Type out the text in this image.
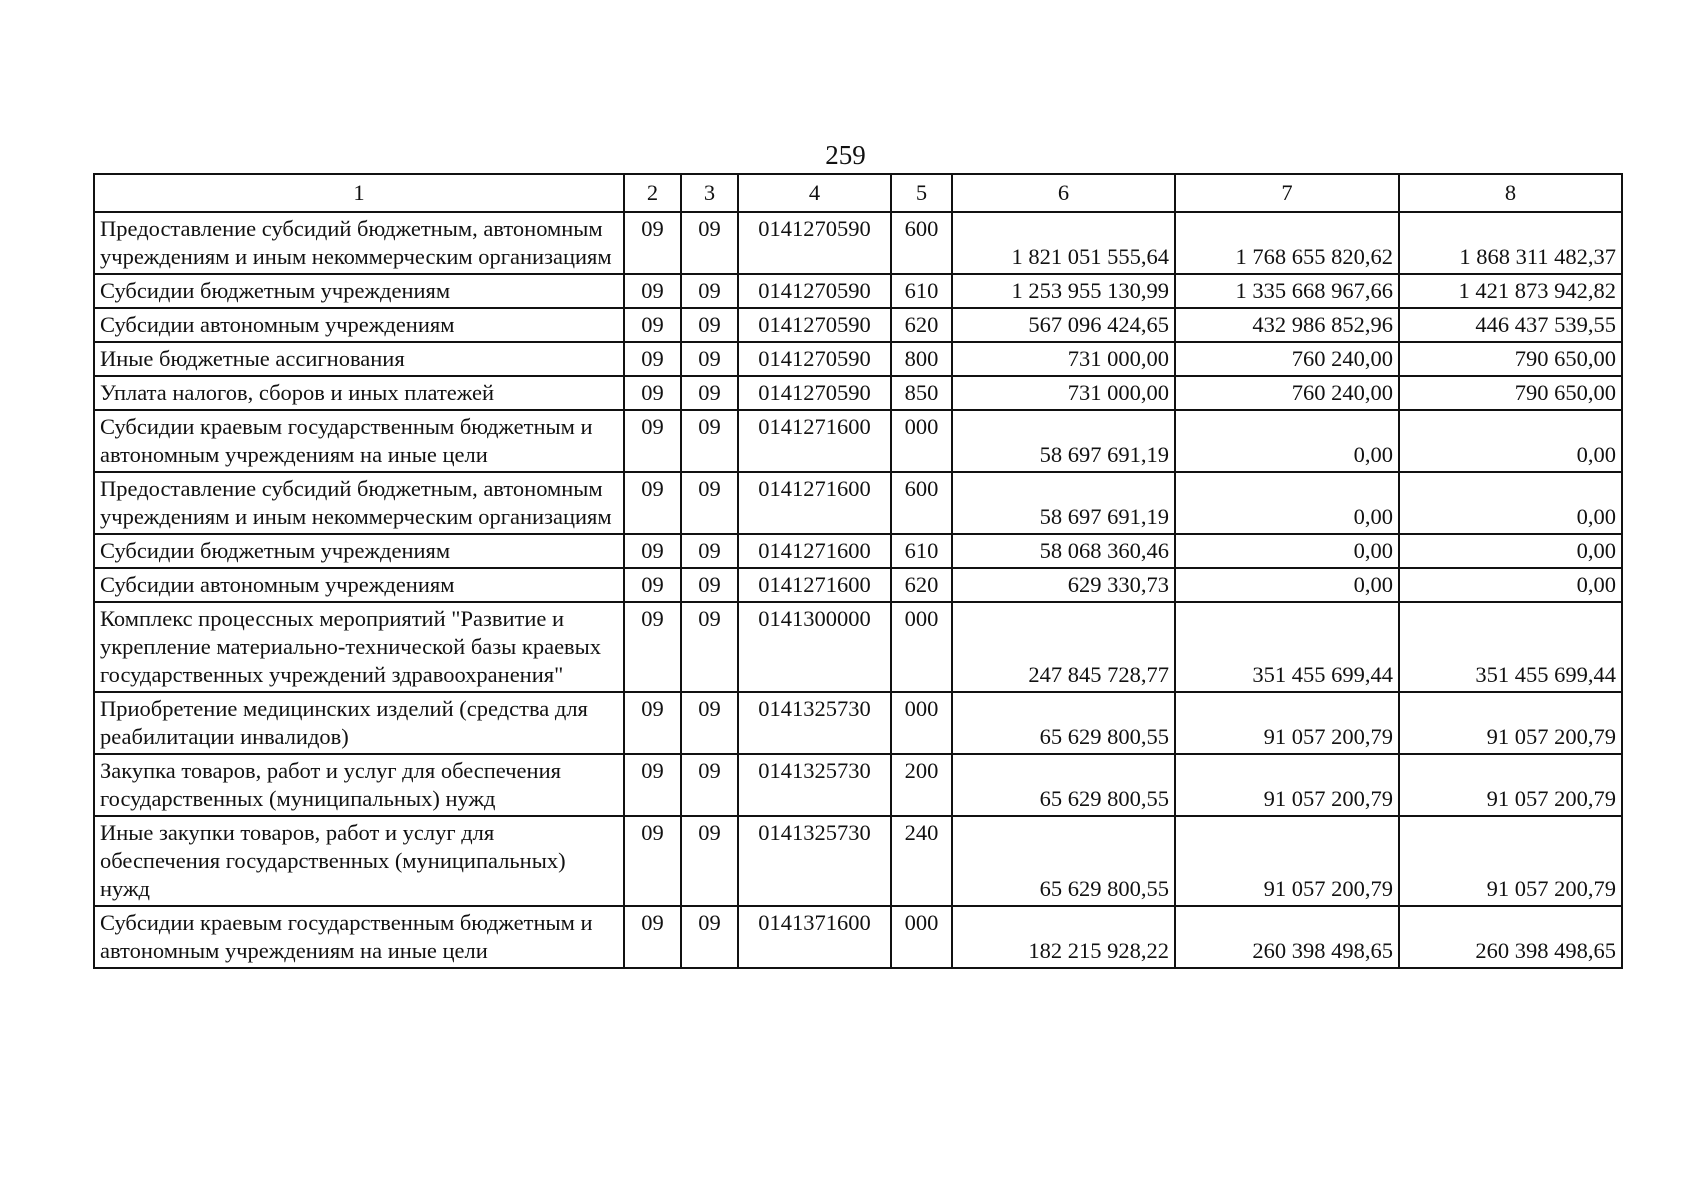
259
1	2	3	4	5	6	7	8
Предоставление субсидий бюджетным, автономным учреждениям и иным некоммерческим организациям	09	09	0141270590	600	1 821 051 555,64	1 768 655 820,62	1 868 311 482,37
Субсидии бюджетным учреждениям	09	09	0141270590	610	1 253 955 130,99	1 335 668 967,66	1 421 873 942,82
Субсидии автономным учреждениям	09	09	0141270590	620	567 096 424,65	432 986 852,96	446 437 539,55
Иные бюджетные ассигнования	09	09	0141270590	800	731 000,00	760 240,00	790 650,00
Уплата налогов, сборов и иных платежей	09	09	0141270590	850	731 000,00	760 240,00	790 650,00
Субсидии краевым государственным бюджетным и автономным учреждениям на иные цели	09	09	0141271600	000	58 697 691,19	0,00	0,00
Предоставление субсидий бюджетным, автономным учреждениям и иным некоммерческим организациям	09	09	0141271600	600	58 697 691,19	0,00	0,00
Субсидии бюджетным учреждениям	09	09	0141271600	610	58 068 360,46	0,00	0,00
Субсидии автономным учреждениям	09	09	0141271600	620	629 330,73	0,00	0,00
Комплекс процессных мероприятий "Развитие и укрепление материально-технической базы краевых государственных учреждений здравоохранения"	09	09	0141300000	000	247 845 728,77	351 455 699,44	351 455 699,44
Приобретение медицинских изделий (средства для реабилитации инвалидов)	09	09	0141325730	000	65 629 800,55	91 057 200,79	91 057 200,79
Закупка товаров, работ и услуг для обеспечения государственных (муниципальных) нужд	09	09	0141325730	200	65 629 800,55	91 057 200,79	91 057 200,79
Иные закупки товаров, работ и услуг для обеспечения государственных (муниципальных) нужд	09	09	0141325730	240	65 629 800,55	91 057 200,79	91 057 200,79
Субсидии краевым государственным бюджетным и автономным учреждениям на иные цели	09	09	0141371600	000	182 215 928,22	260 398 498,65	260 398 498,65
